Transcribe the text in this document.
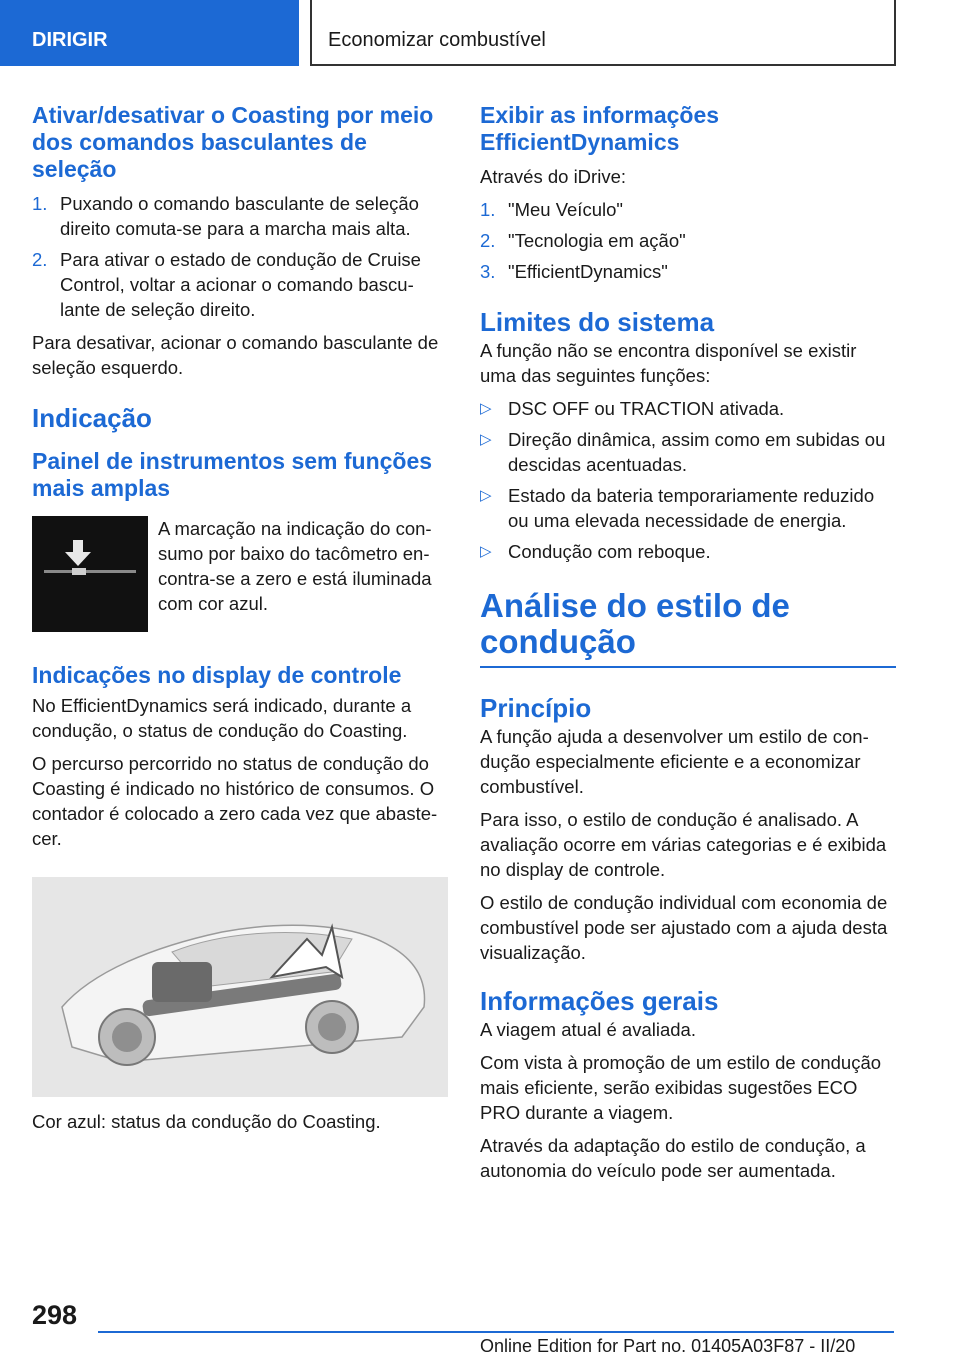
DIRIGIR	Economizar combustível
Ativar/desativar o Coasting por meio dos comandos basculantes de seleção
1. Puxando o comando basculante de seleção direito comuta-se para a marcha mais alta.
2. Para ativar o estado de condução de Cruise Control, voltar a acionar o comando bascu-lante de seleção direito.

Para desativar, acionar o comando basculante de seleção esquerdo.

Indicação
Painel de instrumentos sem funções mais amplas
A marcação na indicação do con-sumo por baixo do tacômetro en-contra-se a zero e está iluminada com cor azul.
Indicações no display de controle

No EfficientDynamics será indicado, durante a condução, o status de condução do Coasting.

O percurso percorrido no status de condução do Coasting é indicado no histórico de consumos. O contador é colocado a zero cada vez que abaste-cer.

Cor azul: status da condução do Coasting.

Exibir as informações EfficientDynamics

Através do iDrive:

1. "Meu Veículo"
2. "Tecnologia em ação"
3. "EfficientDynamics"
Limites do sistema

A função não se encontra disponível se existir uma das seguintes funções:

▷ DSC OFF ou TRACTION ativada.
▷ Direção dinâmica, assim como em subidas ou descidas acentuadas.
▷ Estado da bateria temporariamente reduzido ou uma elevada necessidade de energia.
▷ Condução com reboque.
Análise do estilo de condução
Princípio

A função ajuda a desenvolver um estilo de con-dução especialmente eficiente e a economizar combustível.

Para isso, o estilo de condução é analisado. A avaliação ocorre em várias categorias e é exibida no display de controle.

O estilo de condução individual com economia de combustível pode ser ajustado com a ajuda desta visualização.

Informações gerais

A viagem atual é avaliada.

Com vista à promoção de um estilo de condução mais eficiente, serão exibidas sugestões ECO PRO durante a viagem.

Através da adaptação do estilo de condução, a autonomia do veículo pode ser aumentada.

298
Online Edition for Part no. 01405A03F87 - II/20
